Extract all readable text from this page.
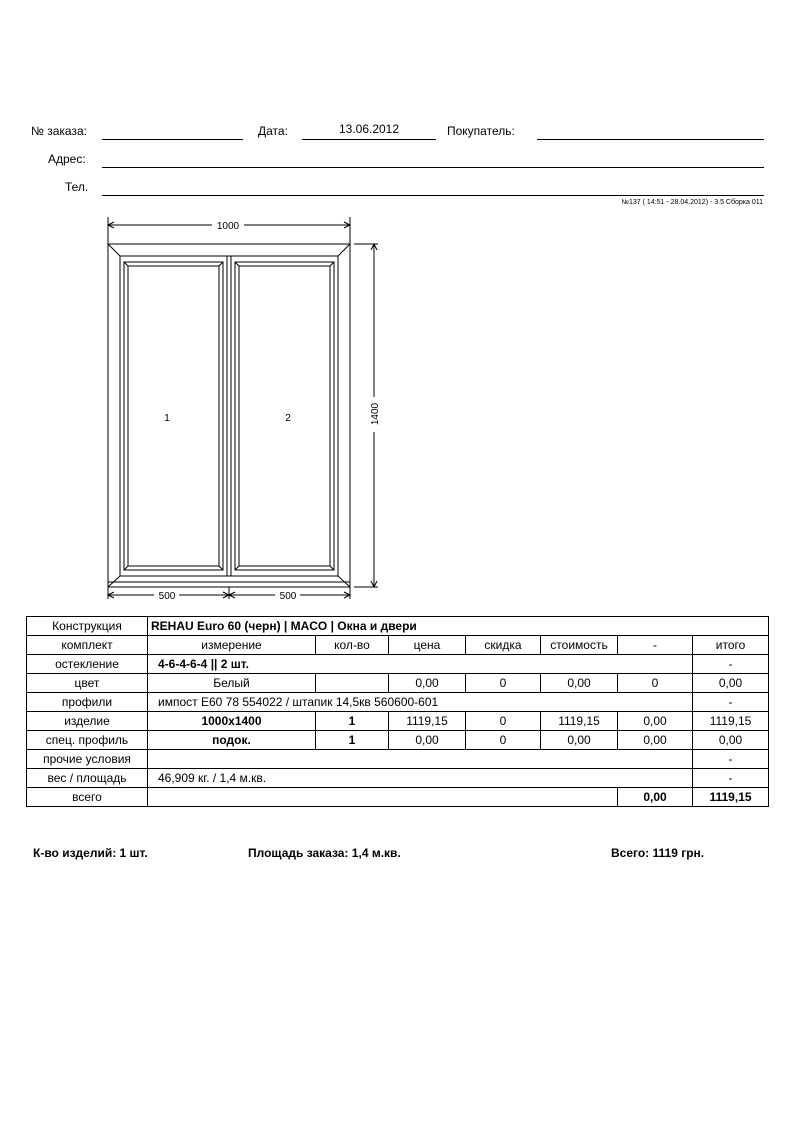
№ заказа:	Дата:	13.06.2012	Покупатель:
Адрес:
Тел.
№137 ( 14:51 - 28.04.2012) - 3.5 Сборка 011
1000
1400
500	500
1	2
Конструкция	REHAU Euro 60 (черн) | MACO | Окна и двери						
комплект	измерение	кол-во	цена	скидка	стоимость	-	итого
остекление	4-6-4-6-4 || 2 шт.						-
цвет	Белый		0,00	0	0,00	0	0,00
профили	импост E60 78 554022 / штапик 14,5кв 560600-601						-
изделие	1000x1400	1	1119,15	0	1119,15	0,00	1119,15
спец. профиль	подок.	1	0,00	0	0,00	0,00	0,00
прочие условия							-
вес / площадь	46,909 кг. / 1,4 м.кв.						-
всего						0,00	1119,15
К-во изделий: 1 шт.	Площадь заказа: 1,4 м.кв.	Всего: 1119 грн.
